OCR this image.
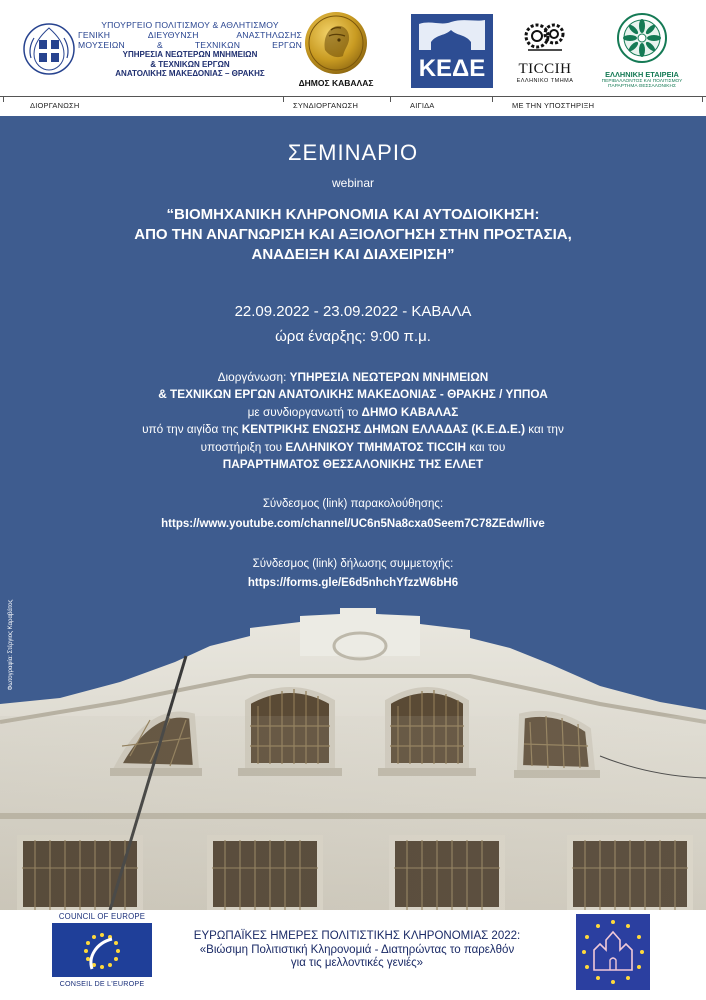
ΥΠΟΥΡΓΕΙΟ ΠΟΛΙΤΙΣΜΟΥ & ΑΘΛΗΤΙΣΜΟΥ
ΓΕΝΙΚΗ ΔΙΕΥΘΥΝΣΗ ΑΝΑΣΤΗΛΩΣΗΣ
ΜΟΥΣΕΙΩΝ & ΤΕΧΝΙΚΩΝ ΕΡΓΩΝ
ΥΠΗΡΕΣΙΑ ΝΕΩΤΕΡΩΝ ΜΝΗΜΕΙΩΝ
& ΤΕΧΝΙΚΩΝ ΕΡΓΩΝ
ΑΝΑΤΟΛΙΚΗΣ ΜΑΚΕΔΟΝΙΑΣ – ΘΡΑΚΗΣ
ΔΗΜΟΣ ΚΑΒΑΛΑΣ
ΚΕΔΕ	TICCIH
ΕΛΛΗΝΙΚΟ ΤΜΗΜΑ
ΕΛΛΗΝΙΚΗ ΕΤΑΙΡΕΙΑ
ΠΕΡΙΒΑΛΛΟΝΤΟΣ ΚΑΙ ΠΟΛΙΤΙΣΜΟΥ
ΠΑΡΑΡΤΗΜΑ ΘΕΣΣΑΛΟΝΙΚΗΣ
ΔΙΟΡΓΑΝΩΣΗ	ΣΥΝΔΙΟΡΓΑΝΩΣΗ	ΑΙΓΙΔΑ	ΜΕ ΤΗΝ ΥΠΟΣΤΗΡΙΞΗ
ΣΕΜΙΝΑΡΙΟ
webinar
“ΒΙΟΜΗΧΑΝΙΚΗ ΚΛΗΡΟΝΟΜΙΑ ΚΑΙ ΑΥΤΟΔΙΟΙΚΗΣΗ:
ΑΠΟ ΤΗΝ ΑΝΑΓΝΩΡΙΣΗ ΚΑΙ ΑΞΙΟΛΟΓΗΣΗ ΣΤΗΝ ΠΡΟΣΤΑΣΙΑ,
ΑΝΑΔΕΙΞΗ ΚΑΙ ΔΙΑΧΕΙΡΙΣΗ”
22.09.2022 - 23.09.2022 - ΚΑΒΑΛΑ
ώρα έναρξης: 9:00 π.μ.
Διοργάνωση: ΥΠΗΡΕΣΙΑ ΝΕΩΤΕΡΩΝ ΜΝΗΜΕΙΩΝ
& ΤΕΧΝΙΚΩΝ ΕΡΓΩΝ ΑΝΑΤΟΛΙΚΗΣ ΜΑΚΕΔΟΝΙΑΣ - ΘΡΑΚΗΣ / ΥΠΠΟΑ
με συνδιοργανωτή το ΔΗΜΟ ΚΑΒΑΛΑΣ
υπό την αιγίδα της ΚΕΝΤΡΙΚΗΣ ΕΝΩΣΗΣ ΔΗΜΩΝ ΕΛΛΑΔΑΣ (Κ.Ε.Δ.Ε.) και την
υποστήριξη του ΕΛΛΗΝΙΚΟΥ ΤΜΗΜΑΤΟΣ TICCIH και του
ΠΑΡΑΡΤΗΜΑΤΟΣ ΘΕΣΣΑΛΟΝΙΚΗΣ ΤΗΣ ΕΛΛΕΤ
Σύνδεσμος (link) παρακολούθησης:
https://www.youtube.com/channel/UC6n5Na8cxa0Seem7C78ZEdw/live
Σύνδεσμος (link) δήλωσης συμμετοχής:
https://forms.gle/E6d5nhchYfzzW6bH6
Φωτογραφία: Στέργιος Καραβάτος
COUNCIL OF EUROPE
CONSEIL DE L'EUROPE
ΕΥΡΩΠΑΪΚΕΣ ΗΜΕΡΕΣ ΠΟΛΙΤΙΣΤΙΚΗΣ ΚΛΗΡΟΝΟΜΙΑΣ 2022:
«Βιώσιμη Πολιτιστική Κληρονομιά - Διατηρώντας το παρελθόν
για τις μελλοντικές γενιές»
